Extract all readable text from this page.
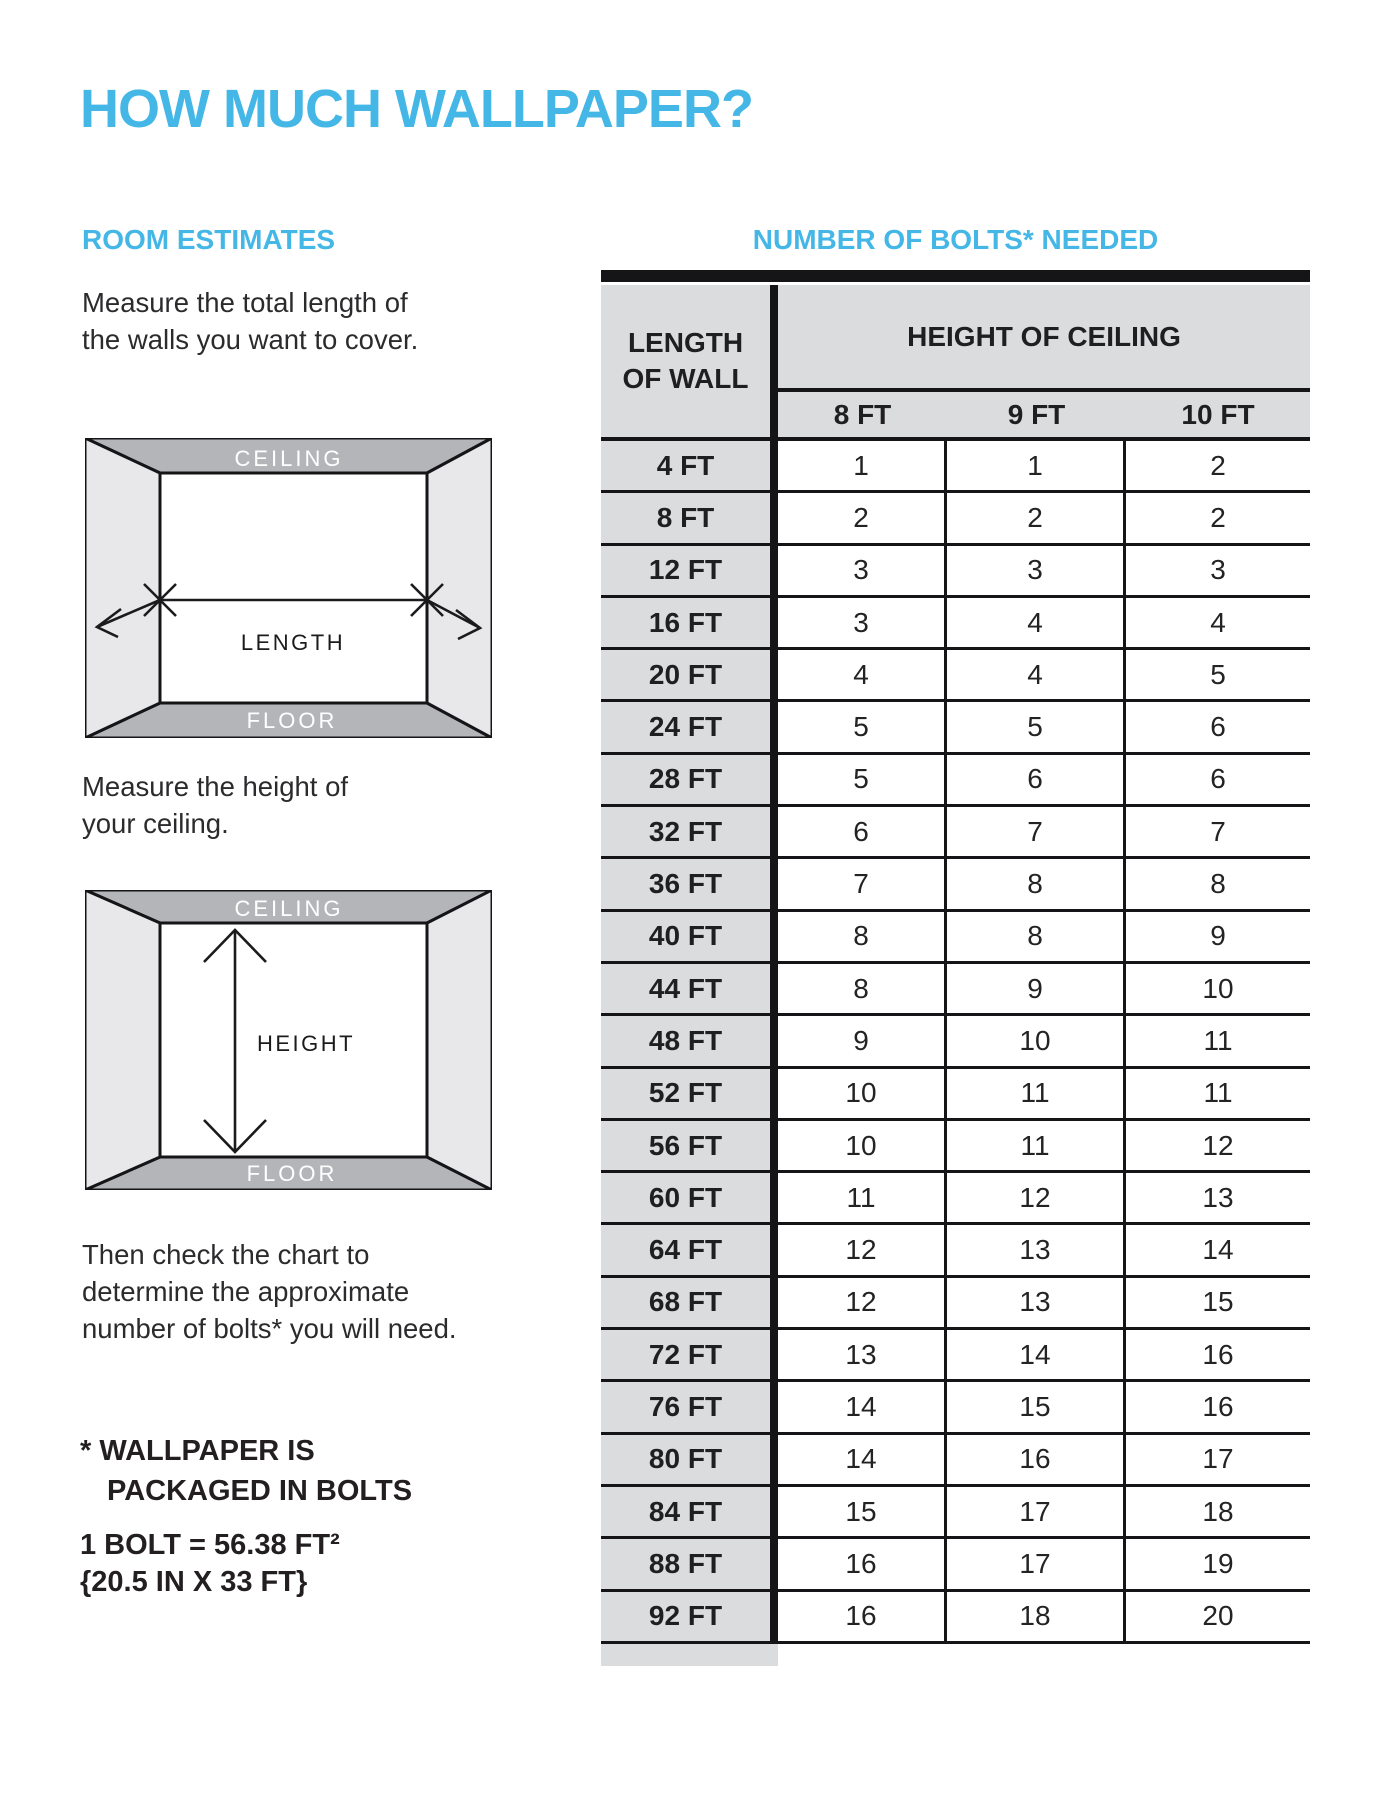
HOW MUCH WALLPAPER?
ROOM ESTIMATES	NUMBER OF BOLTS* NEEDED
Measure the total length of
the walls you want to cover.
CEILING
FLOOR
LENGTH
Measure the height of
your ceiling.
CEILING
FLOOR
HEIGHT
Then check the chart to
determine the approximate
number of bolts* you will need.
* WALLPAPER IS
PACKAGED IN BOLTS
1 BOLT = 56.38 FT²
{20.5 IN X 33 FT}
LENGTH
OF WALL
HEIGHT OF CEILING
8 FT	9 FT	10 FT
4 FT	1	1	2
8 FT	2	2	2
12 FT	3	3	3
16 FT	3	4	4
20 FT	4	4	5
24 FT	5	5	6
28 FT	5	6	6
32 FT	6	7	7
36 FT	7	8	8
40 FT	8	8	9
44 FT	8	9	10
48 FT	9	10	11
52 FT	10	11	11
56 FT	10	11	12
60 FT	11	12	13
64 FT	12	13	14
68 FT	12	13	15
72 FT	13	14	16
76 FT	14	15	16
80 FT	14	16	17
84 FT	15	17	18
88 FT	16	17	19
92 FT	16	18	20
